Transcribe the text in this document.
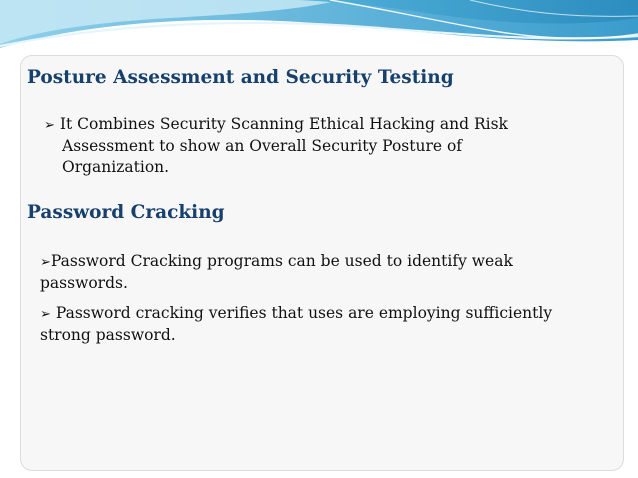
Posture Assessment and Security Testing
➢ It Combines Security Scanning Ethical Hacking and Risk
Assessment to show an Overall Security Posture of
Organization.
Password Cracking
➢Password Cracking programs can be used to identify weak
passwords.
➢ Password cracking verifies that uses are employing sufficiently
strong password.
